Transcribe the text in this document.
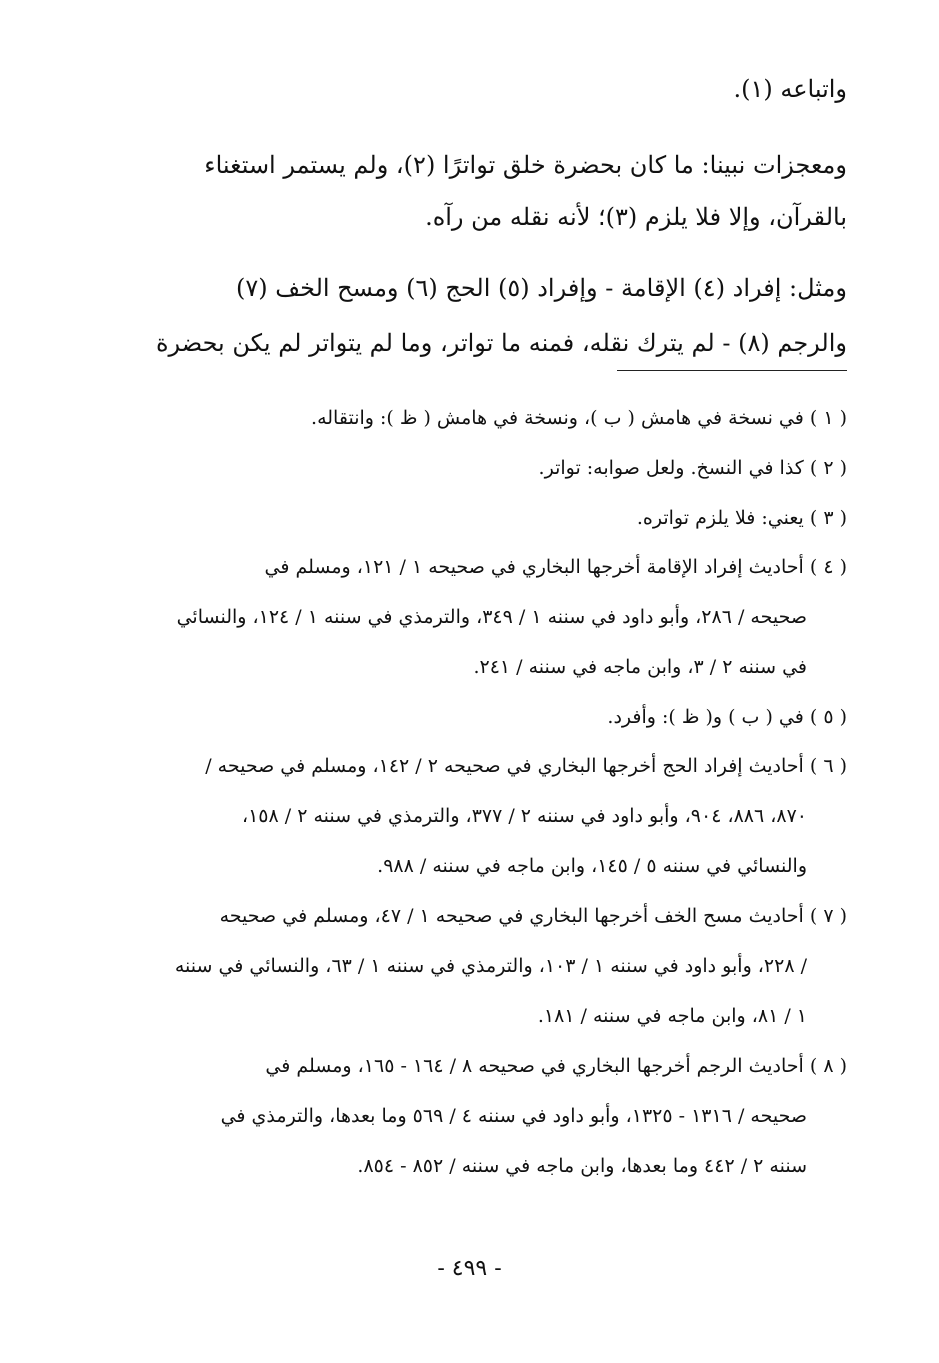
واتباعه (١).
ومعجزات نبينا: ما كان بحضرة خلق تواترًا (٢)، ولم يستمر استغناء
بالقرآن، وإلا فلا يلزم (٣)؛ لأنه نقله من رآه.
ومثل: إفراد (٤) الإقامة - وإفراد (٥) الحج (٦) ومسح الخف (٧)
والرجم (٨) - لم يترك نقله، فمنه ما تواتر، وما لم يتواتر لم يكن بحضرة
( ١ ) في نسخة في هامش ( ب )، ونسخة في هامش ( ظ ): وانتقاله.
( ٢ ) كذا في النسخ. ولعل صوابه: تواتر.
( ٣ ) يعني: فلا يلزم تواتره.
( ٤ ) أحاديث إفراد الإقامة أخرجها البخاري في صحيحه ١ / ١٢١، ومسلم في
صحيحه / ٢٨٦، وأبو داود في سننه ١ / ٣٤٩، والترمذي في سننه ١ / ١٢٤، والنسائي
في سننه ٢ / ٣، وابن ماجه في سننه / ٢٤١.
( ٥ ) في ( ب ) و( ظ ): وأفرد.
( ٦ ) أحاديث إفراد الحج أخرجها البخاري في صحيحه ٢ / ١٤٢، ومسلم في صحيحه /
٨٧٠، ٨٨٦، ٩٠٤، وأبو داود في سننه ٢ / ٣٧٧، والترمذي في سننه ٢ / ١٥٨،
والنسائي في سننه ٥ / ١٤٥، وابن ماجه في سننه / ٩٨٨.
( ٧ ) أحاديث مسح الخف أخرجها البخاري في صحيحه ١ / ٤٧، ومسلم في صحيحه
/ ٢٢٨، وأبو داود في سننه ١ / ١٠٣، والترمذي في سننه ١ / ٦٣، والنسائي في سننه
١ / ٨١، وابن ماجه في سننه / ١٨١.
( ٨ ) أحاديث الرجم أخرجها البخاري في صحيحه ٨ / ١٦٤ - ١٦٥، ومسلم في
صحيحه / ١٣١٦ - ١٣٢٥، وأبو داود في سننه ٤ / ٥٦٩ وما بعدها، والترمذي في
سننه ٢ / ٤٤٢ وما بعدها، وابن ماجه في سننه / ٨٥٢ - ٨٥٤.
- ٤٩٩ -
